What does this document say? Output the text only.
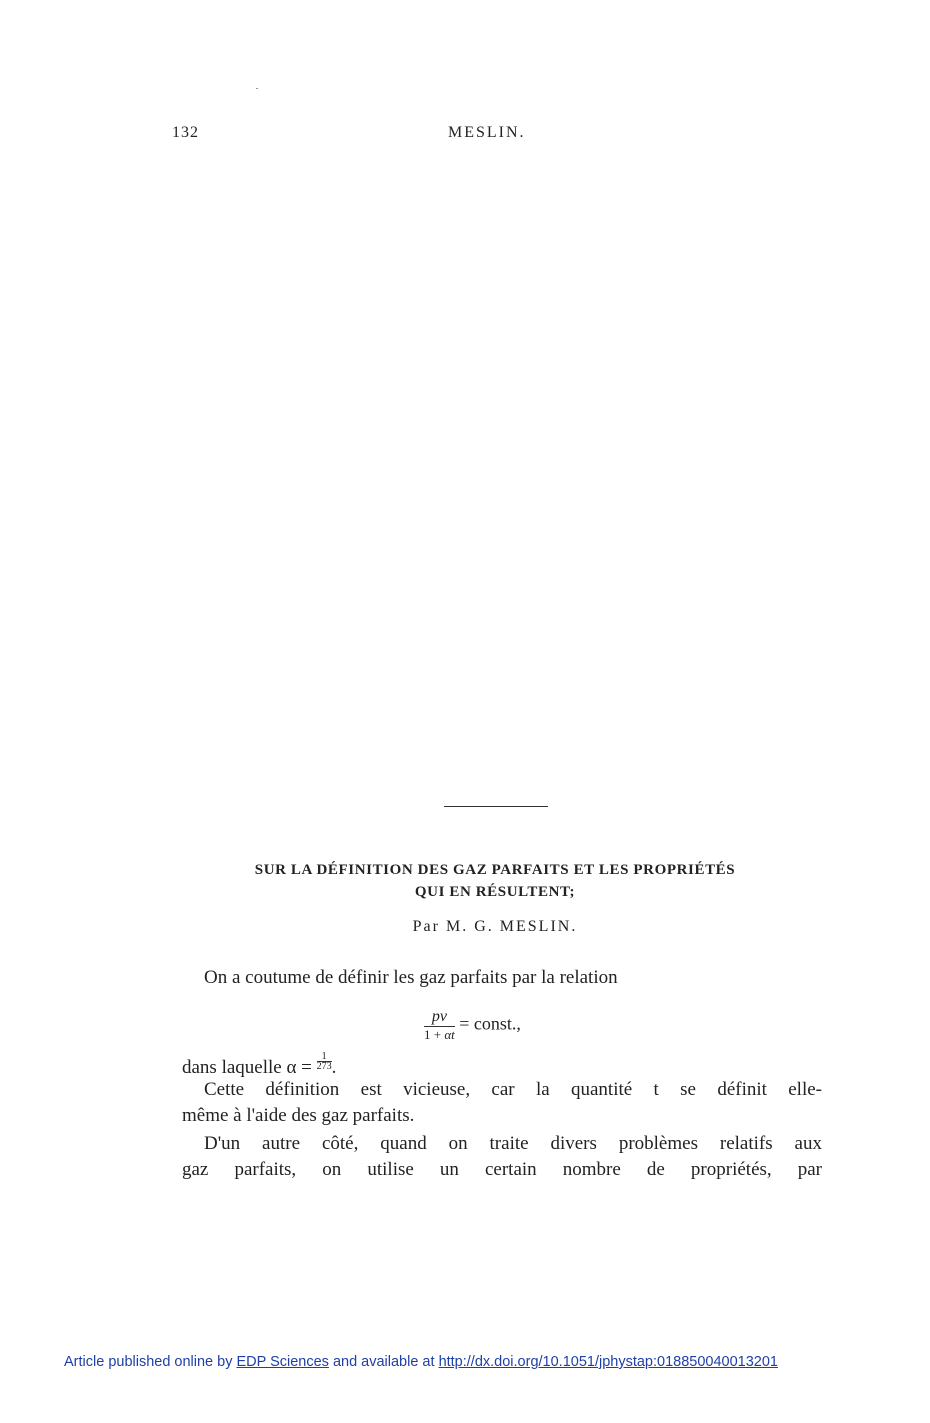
132	MESLIN.
SUR LA DÉFINITION DES GAZ PARFAITS ET LES PROPRIÉTÉS
QUI EN RÉSULTENT;
Par M. G. MESLIN.
On a coutume de définir les gaz parfaits par la relation
$\frac{pv}{1 + \alpha t}$ = const.,
dans laquelle $\alpha = \frac{1}{273}$ .
Cette définition est vicieuse, car la quantité t se définit elle-
même à l'aide des gaz parfaits.
D'un autre côté, quand on traite divers problèmes relatifs aux
gaz parfaits, on utilise un certain nombre de propriétés, par
Article published online by EDP Sciences and available at http://dx.doi.org/10.1051/jphystap:018850040013201
